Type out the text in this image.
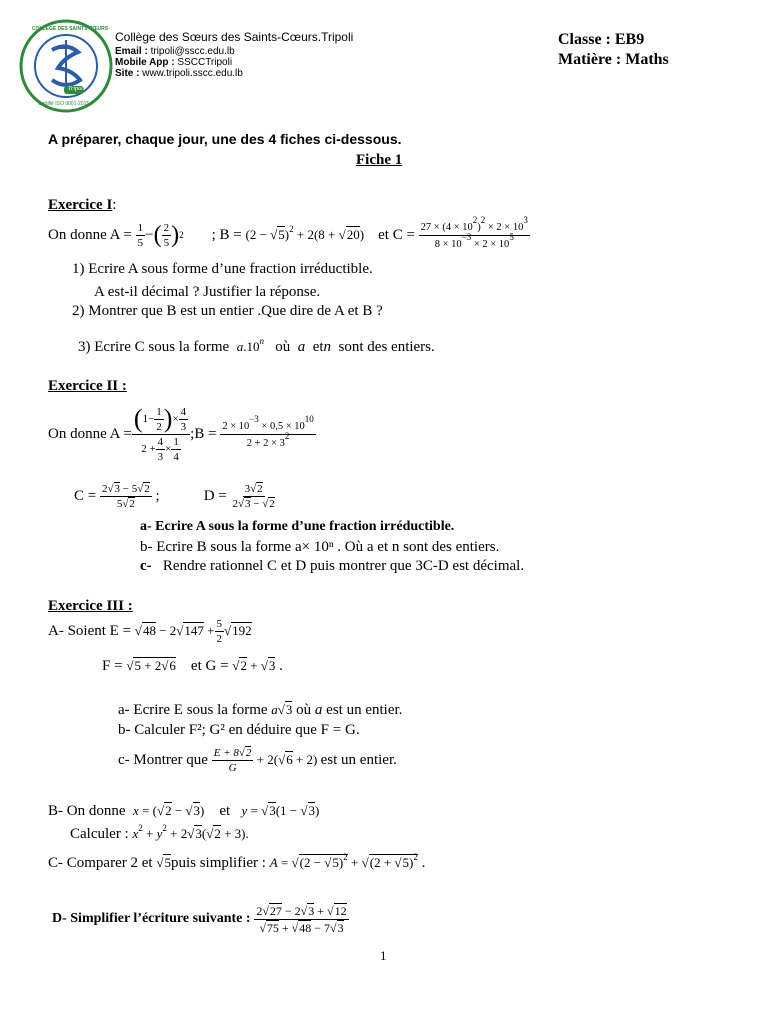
COLLÈGE DES SAINTS CŒURS
Tripoli
Certifié ISO 9001-2015
Collège des Sœurs des Saints-Cœurs.Tripoli
Email : tripoli@sscc.edu.lb
Mobile App : SSCCTripoli
Site : www.tripoli.sscc.edu.lb
Classe : EB9
Matière : Maths
A préparer, chaque jour, une des 4 fiches ci-dessous.
Fiche 1
Exercice I:
On donne A =
$\frac{1}{5}$ − ( $\frac{2}{5}$ ) 2 ; B =
$(2 - √5)^2 + 2(8 + √20)$ et C =
$\frac{27 \times (4 \times 10^2)^2 \times 2 \times 10^3}{8 \times 10^{-3} \times 2 \times 10^5}$
1) Ecrire A sous forme d’une fraction irréductible.
A est-il décimal ? Justifier la réponse.
2) Montrer que B est un entier .Que dire de A et B ?
3) Ecrire C sous la forme a.10$^n$ où a etn sont des entiers.
Exercice II :
On donne $A = \frac{( 1- \frac{1}{2} ) \times \frac{4}{3}}{2 + \frac{4}{3} \times \frac{1}{4}}$ ;B =
$\frac{2 \times 10^{-3} \times 0,5 \times 10^{10}}{2 + 2 \times 3^2}$
C =
$\frac{2√3 - 5√2}{5√2}$ ;	D =
$\frac{3√2}{2√3 - √2}$
a- Ecrire A sous la forme d’une fraction irréductible.
b- Ecrire B sous la forme a× 10ⁿ . Où a et n sont des entiers.
c- Rendre rationnel C et D puis montrer que 3C-D est décimal.
Exercice III :
A- Soient E =
$√48 - 2√147 + \frac{5}{2} √192$
F = √5 + 2√6 et G = √2 + √3 .
a- Ecrire E sous la forme a√3 où a est un entier.
b- Calculer F²; G² en déduire que F = G.
c- Montrer que
$\frac{E + 8√2}{G} + 2(√6 + 2)$ est un entier.
B- On donne x = (√2 − √3) et y = √3(1 − √3)
Calculer : $x^2 + y^2 + 2√3(√2 + 3)$.
C- Comparer 2 et √5puis simplifier : $A = √(2 - √5)^2 + √(2 + √5)^2$ .
D- Simplifier l’écriture suivante :
$\frac{2√27 - 2√3 + √12}{√75 + √48 - 7√3}$
1
